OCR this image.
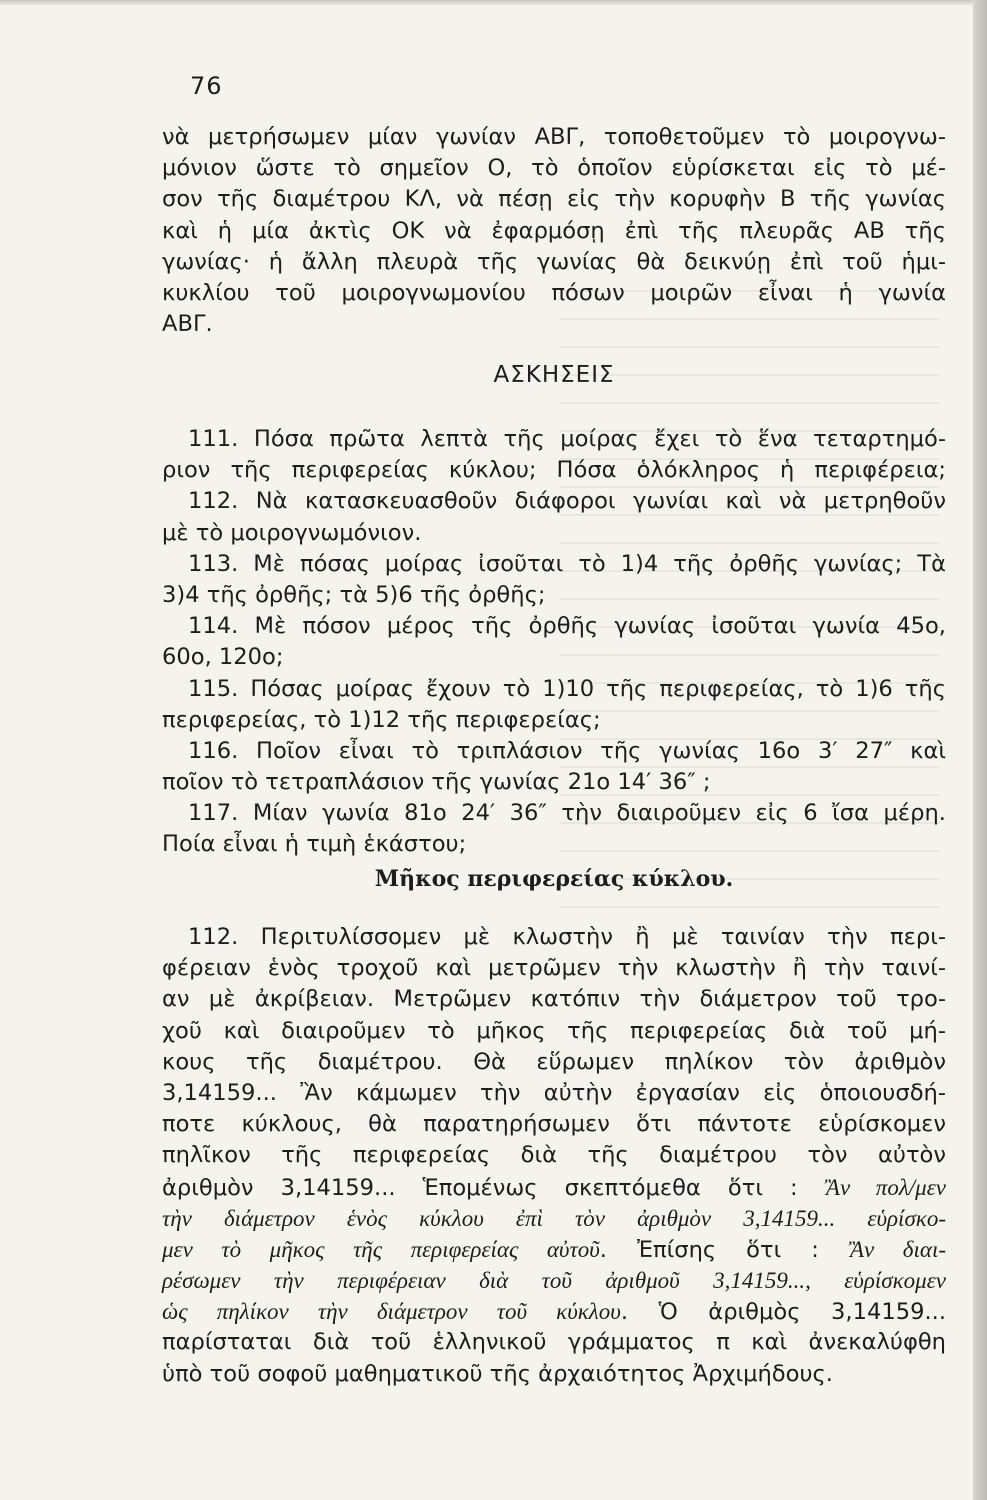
76
νὰ μετρήσωμεν μίαν γωνίαν ΑΒΓ, τοποθετοῦμεν τὸ μοιρογνω-
μόνιον ὥστε τὸ σημεῖον Ο, τὸ ὁποῖον εὑρίσκεται εἰς τὸ μέ-
σον τῆς διαμέτρου ΚΛ, νὰ πέσῃ εἰς τὴν κορυφὴν Β τῆς γωνίας
καὶ ἡ μία ἀκτὶς ΟΚ νὰ ἐφαρμόσῃ ἐπὶ τῆς πλευρᾶς ΑΒ τῆς
γωνίας· ἡ ἄλλη πλευρὰ τῆς γωνίας θὰ δεικνύῃ ἐπὶ τοῦ ἡμι-
κυκλίου τοῦ μοιρογνωμονίου πόσων μοιρῶν εἶναι ἡ γωνία
ΑΒΓ.
ΑΣΚΗΣΕΙΣ
111. Πόσα πρῶτα λεπτὰ τῆς μοίρας ἔχει τὸ ἕνα τεταρτημό-
ριον τῆς περιφερείας κύκλου; Πόσα ὁλόκληρος ἡ περιφέρεια;
112. Νὰ κατασκευασθοῦν διάφοροι γωνίαι καὶ νὰ μετρηθοῦν
μὲ τὸ μοιρογνωμόνιον.
113. Μὲ πόσας μοίρας ἰσοῦται τὸ 1)4 τῆς ὀρθῆς γωνίας; Τὰ
3)4 τῆς ὀρθῆς; τὰ 5)6 τῆς ὀρθῆς;
114. Μὲ πόσον μέρος τῆς ὀρθῆς γωνίας ἰσοῦται γωνία 45ο,
60ο, 120ο;
115. Πόσας μοίρας ἔχουν τὸ 1)10 τῆς περιφερείας, τὸ 1)6 τῆς
περιφερείας, τὸ 1)12 τῆς περιφερείας;
116. Ποῖον εἶναι τὸ τριπλάσιον τῆς γωνίας 16ο 3′ 27″ καὶ
ποῖον τὸ τετραπλάσιον τῆς γωνίας 21ο 14′ 36″ ;
117. Μίαν γωνία 81ο 24′ 36″ τὴν διαιροῦμεν εἰς 6 ἴσα μέρη.
Ποία εἶναι ἡ τιμὴ ἑκάστου;
Μῆκος περιφερείας κύκλου.
112. Περιτυλίσσομεν μὲ κλωστὴν ἢ μὲ ταινίαν τὴν περι-
φέρειαν ἑνὸς τροχοῦ καὶ μετρῶμεν τὴν κλωστὴν ἢ τὴν ταινί-
αν μὲ ἀκρίβειαν. Μετρῶμεν κατόπιν τὴν διάμετρον τοῦ τρο-
χοῦ καὶ διαιροῦμεν τὸ μῆκος τῆς περιφερείας διὰ τοῦ μή-
κους τῆς διαμέτρου. Θὰ εὕρωμεν πηλίκον τὸν ἀριθμὸν
3,14159... Ἂν κάμωμεν τὴν αὐτὴν ἐργασίαν εἰς ὁποιουσδή-
ποτε κύκλους, θὰ παρατηρήσωμεν ὅτι πάντοτε εὑρίσκομεν
πηλῖκον τῆς περιφερείας διὰ τῆς διαμέτρου τὸν αὐτὸν
ἀριθμὸν 3,14159... Ἑπομένως σκεπτόμεθα ὅτι : Ἂν πολ/μεν
τὴν διάμετρον ἑνὸς κύκλου ἐπὶ τὸν ἀριθμὸν 3,14159... εὑρίσκο-
μεν τὸ μῆκος τῆς περιφερείας αὐτοῦ. Ἐπίσης ὅτι : Ἂν διαι-
ρέσωμεν τὴν περιφέρειαν διὰ τοῦ ἀριθμοῦ 3,14159..., εὑρίσκομεν
ὡς πηλίκον τὴν διάμετρον τοῦ κύκλου. Ὁ ἀριθμὸς 3,14159...
παρίσταται διὰ τοῦ ἑλληνικοῦ γράμματος π καὶ ἀνεκαλύφθη
ὑπὸ τοῦ σοφοῦ μαθηματικοῦ τῆς ἀρχαιότητος Ἀρχιμήδους.
